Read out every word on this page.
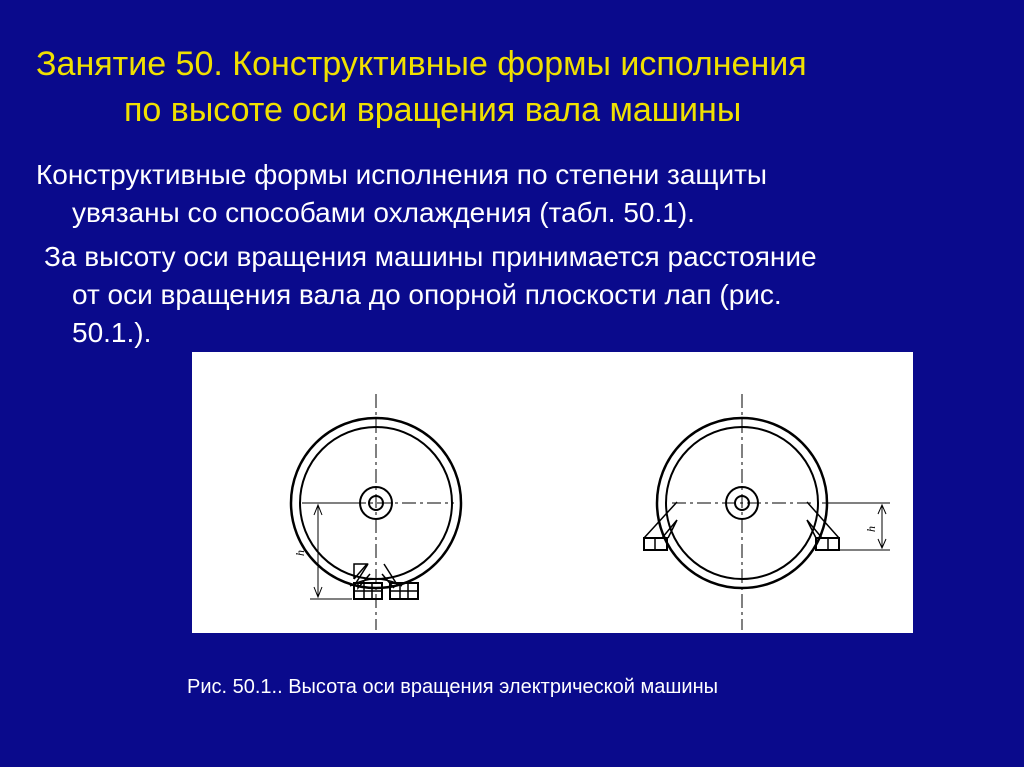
Занятие 50. Конструктивные формы исполнения
по высоте оси вращения вала машины
Конструктивные формы исполнения по степени защиты
увязаны со способами охлаждения (табл. 50.1).
За высоту оси вращения машины принимается расстояние
от оси вращения вала до опорной плоскости лап (рис.
50.1.).
h
h
Рис. 50.1.. Высота оси вращения электрической машины
